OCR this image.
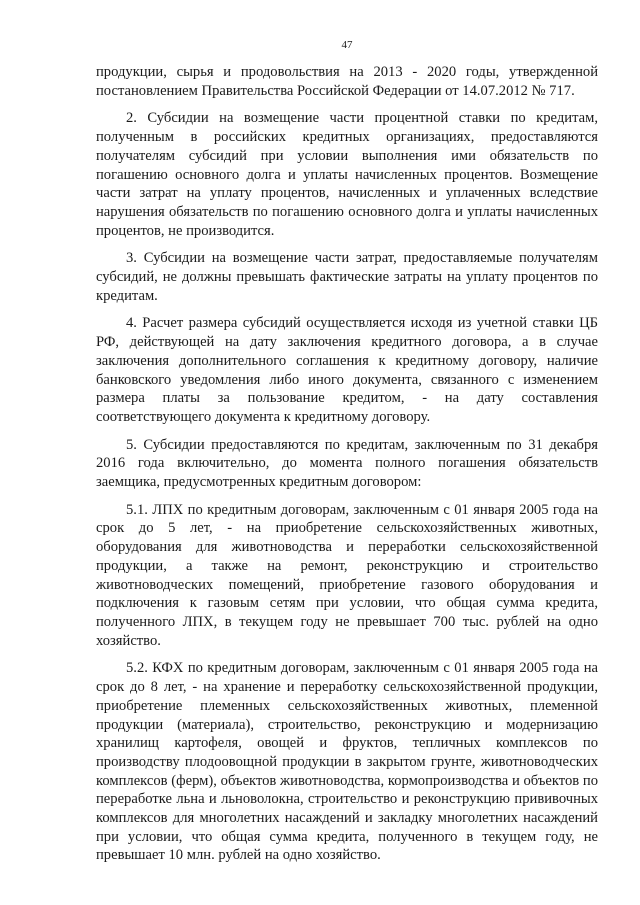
47

продукции, сырья и продовольствия на 2013 - 2020 годы, утвержденной постановлением Правительства Российской Федерации от 14.07.2012 № 717.

2. Субсидии на возмещение части процентной ставки по кредитам, полученным в российских кредитных организациях, предоставляются получателям субсидий при условии выполнения ими обязательств по погашению основного долга и уплаты начисленных процентов. Возмещение части затрат на уплату процентов, начисленных и уплаченных вследствие нарушения обязательств по погашению основного долга и уплаты начисленных процентов, не производится.

3. Субсидии на возмещение части затрат, предоставляемые получателям субсидий, не должны превышать фактические затраты на уплату процентов по кредитам.

4. Расчет размера субсидий осуществляется исходя из учетной ставки ЦБ РФ, действующей на дату заключения кредитного договора, а в случае заключения дополнительного соглашения к кредитному договору, наличие банковского уведомления либо иного документа, связанного с изменением размера платы за пользование кредитом, - на дату составления соответствующего документа к кредитному договору.

5. Субсидии предоставляются по кредитам, заключенным по 31 декабря 2016 года включительно, до момента полного погашения обязательств заемщика, предусмотренных кредитным договором:

5.1. ЛПХ по кредитным договорам, заключенным с 01 января 2005 года на срок до 5 лет, - на приобретение сельскохозяйственных животных, оборудования для животноводства и переработки сельскохозяйственной продукции, а также на ремонт, реконструкцию и строительство животноводческих помещений, приобретение газового оборудования и подключения к газовым сетям при условии, что общая сумма кредита, полученного ЛПХ, в текущем году не превышает 700 тыс. рублей на одно хозяйство.

5.2. КФХ по кредитным договорам, заключенным с 01 января 2005 года на срок до 8 лет, - на хранение и переработку сельскохозяйственной продукции, приобретение племенных сельскохозяйственных животных, племенной продукции (материала), строительство, реконструкцию и модернизацию хранилищ картофеля, овощей и фруктов, тепличных комплексов по производству плодоовощной продукции в закрытом грунте, животноводческих комплексов (ферм), объектов животноводства, кормопроизводства и объектов по переработке льна и льноволокна, строительство и реконструкцию прививочных комплексов для многолетних насаждений и закладку многолетних насаждений при условии, что общая сумма кредита, полученного в текущем году, не превышает 10 млн. рублей на одно хозяйство.
